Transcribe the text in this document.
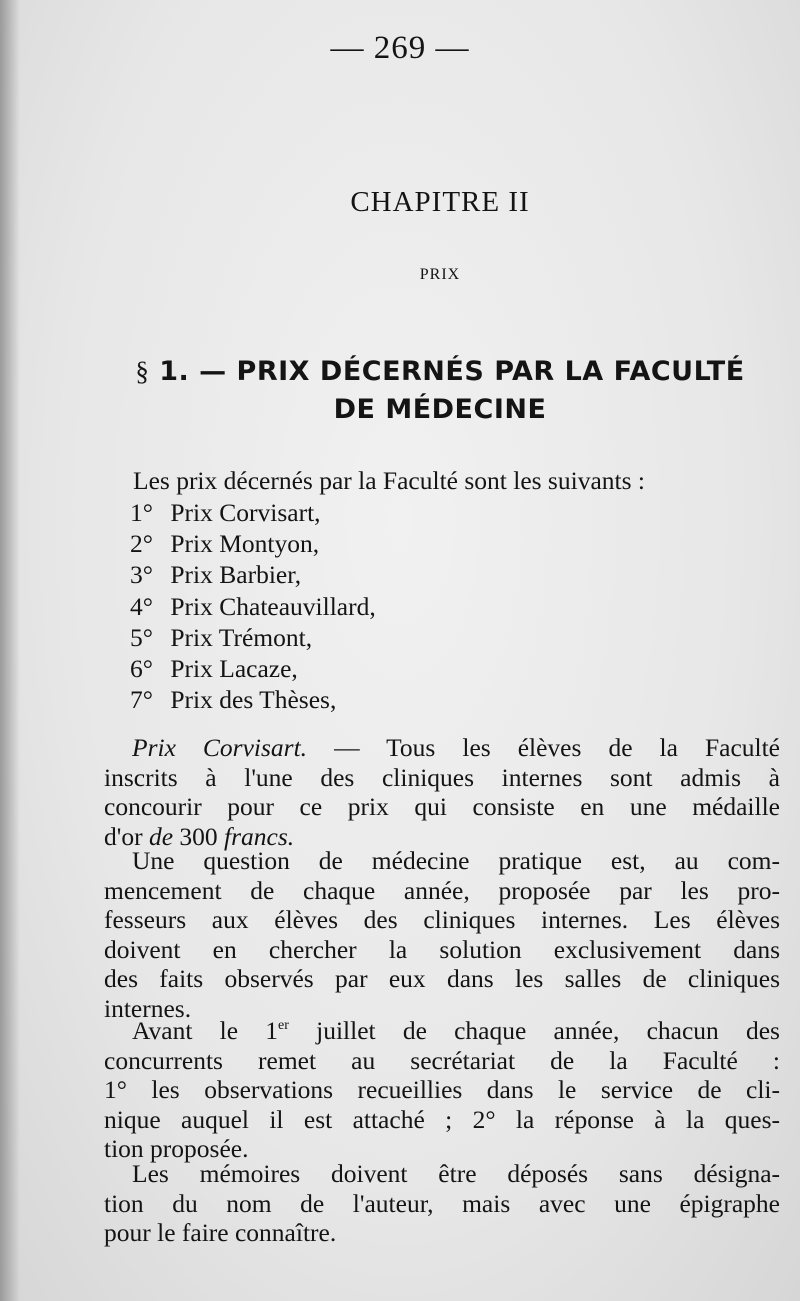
— 269 —
CHAPITRE II
PRIX
§ 1. — PRIX DÉCERNÉS PAR LA FACULTÉ
DE MÉDECINE
Les prix décernés par la Faculté sont les suivants :
1° Prix Corvisart,
2° Prix Montyon,
3° Prix Barbier,
4° Prix Chateauvillard,
5° Prix Trémont,
6° Prix Lacaze,
7° Prix des Thèses,
Prix Corvisart. — Tous les élèves de la Faculté
inscrits à l'une des cliniques internes sont admis à
concourir pour ce prix qui consiste en une médaille
d'or de 300 francs.
Une question de médecine pratique est, au com-
mencement de chaque année, proposée par les pro-
fesseurs aux élèves des cliniques internes. Les élèves
doivent en chercher la solution exclusivement dans
des faits observés par eux dans les salles de cliniques
internes.
Avant le 1er juillet de chaque année, chacun des
concurrents remet au secrétariat de la Faculté :
1° les observations recueillies dans le service de cli-
nique auquel il est attaché ; 2° la réponse à la ques-
tion proposée.
Les mémoires doivent être déposés sans désigna-
tion du nom de l'auteur, mais avec une épigraphe
pour le faire connaître.
